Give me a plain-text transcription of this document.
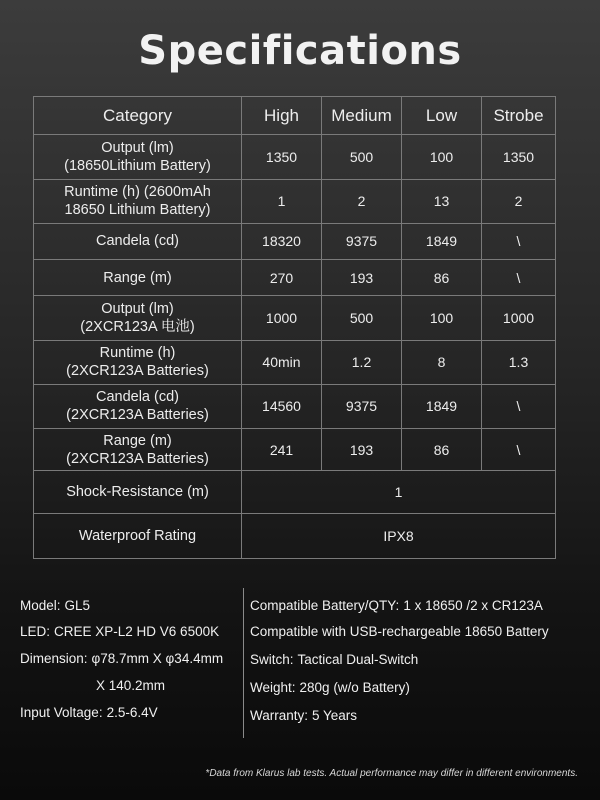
Specifications
Category	High	Medium	Low	Strobe

Output (lm)
(18650Lithium Battery)	1350	500	100	1350

Runtime (h) (2600mAh
18650 Lithium Battery)	1	2	13	2

Candela (cd)	18320	9375	1849	\

Range (m)	270	193	86	\

Output (lm)
(2XCR123A 电池)	1000	500	100	1000

Runtime (h)
(2XCR123A Batteries)	40min	1.2	8	1.3

Candela (cd)
(2XCR123A Batteries)	14560	9375	1849	\

Range (m)
(2XCR123A Batteries)	241	193	86	\
Shock-Resistance (m)	1			
Waterproof Rating	IPX8			
Model: GL5
LED: CREE XP-L2 HD V6 6500K
Dimension: φ78.7mm X φ34.4mm
X 140.2mm
Input Voltage: 2.5-6.4V
Compatible Battery/QTY: 1 x 18650 /2 x CR123A
Compatible with USB-rechargeable 18650 Battery
Switch: Tactical Dual-Switch
Weight: 280g (w/o Battery)
Warranty: 5 Years
*Data from Klarus lab tests. Actual performance may differ in different environments.
